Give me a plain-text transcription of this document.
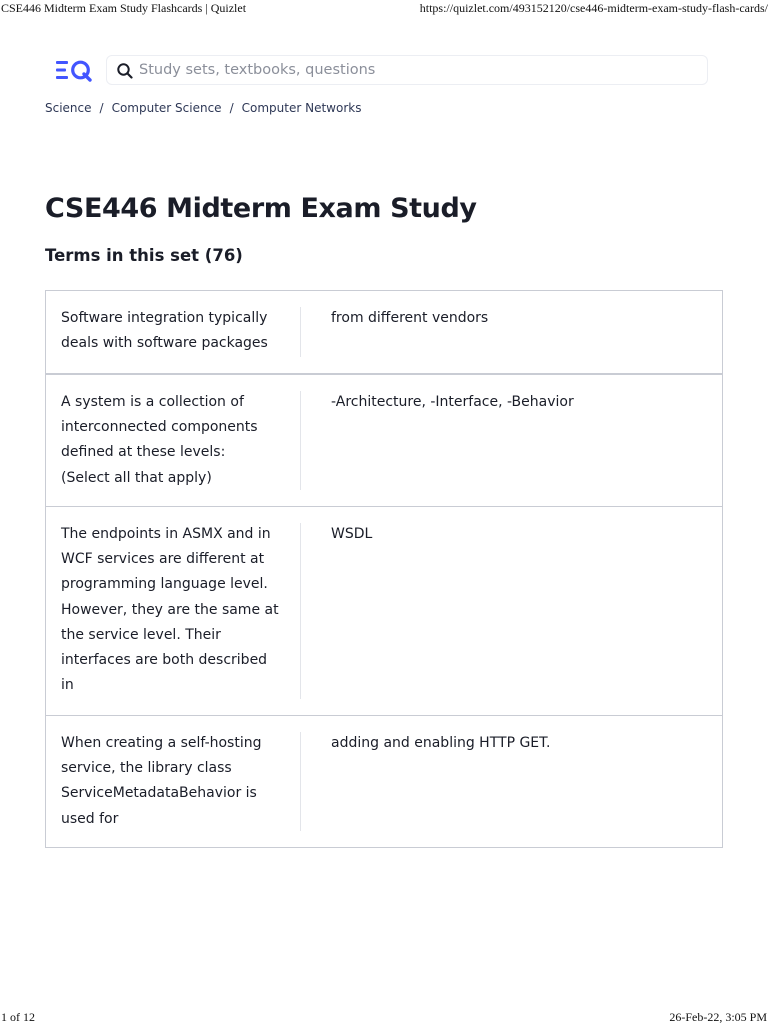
CSE446 Midterm Exam Study Flashcards | Quizlet	https://quizlet.com/493152120/cse446-midterm-exam-study-flash-cards/
Study sets, textbooks, questions
Science / Computer Science / Computer Networks
CSE446 Midterm Exam Study
Terms in this set (76)
Software integration typically
deals with software packages
from different vendors
A system is a collection of
interconnected components
defined at these levels:
(Select all that apply)
-Architecture, -Interface, -Behavior
The endpoints in ASMX and in
WCF services are different at
programming language level.
However, they are the same at
the service level. Their
interfaces are both described
in
WSDL
When creating a self-hosting
service, the library class
ServiceMetadataBehavior is
used for
adding and enabling HTTP GET.
1 of 12	26-Feb-22, 3:05 PM
